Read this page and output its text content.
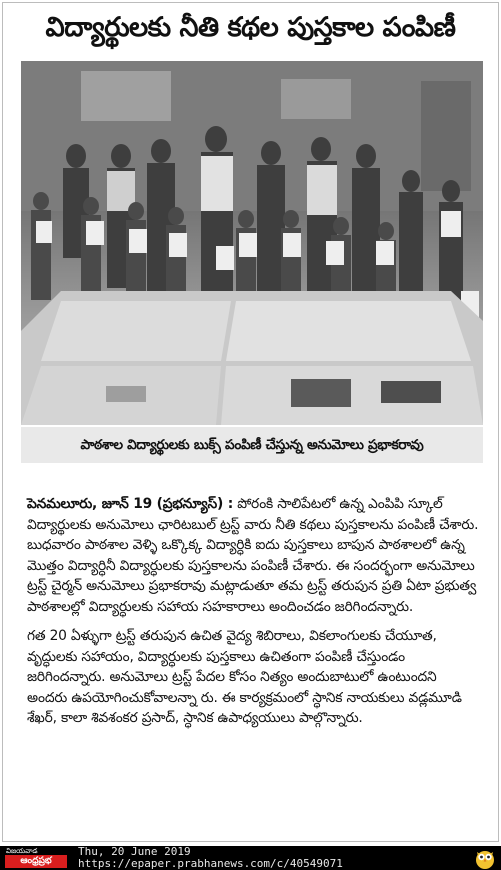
విద్యార్థులకు నీతి కథల పుస్తకాల పంపిణీ
పాఠశాల విద్యార్థులకు బుక్స్ పంపిణీ చేస్తున్న అనుమోలు ప్రభాకరావు

పెనమలూరు, జూన్ 19 (ప్రభన్యూస్) : పోరంకి సాలిపేటలో ఉన్న ఎంపిపి స్కూల్ విద్యార్థులకు అనుమోలు ఛారిటబుల్ ట్రస్ట్ వారు నీతి కథలు పుస్తకాలను పంపిణీ చేశారు. బుధవారం పాఠశాల వెళ్ళి ఒక్కొక్క విద్యార్ధికి ఐదు పుస్తకాలు బాపున పాఠశాలలో ఉన్న మొత్తం విద్యార్ధినీ విద్యార్ధులకు పుస్తకాలను పంపిణీ చేశారు. ఈ సందర్భంగా అనుమోలు ట్రస్ట్ చైర్మన్ అనుమోలు ప్రభాకరావు మట్లాడుతూ తమ ట్రస్ట్ తరుపున ప్రతి ఏటా ప్రభుత్వ పాఠశాలల్లో విద్యార్ధులకు సహాయ సహకారాలు అందించడం జరిగిందన్నారు.

గత 20 ఏళ్ళుగా ట్రస్ట్ తరుపున ఉచిత వైద్య శిబిరాలు, వికలాంగులకు చేయూత, వృద్ధులకు సహాయం, విద్యార్ధులకు పుస్తకాలు ఉచితంగా పంపిణీ చేస్తుండం జరిగిందన్నారు. అనుమోలు ట్రస్ట్ పేదల కోసం నిత్యం అందుబాటులో ఉంటుందని అందరు ఉపయోగించుకోవాలన్నా రు. ఈ కార్యక్రమంలో స్ధానిక నాయకులు వడ్లమూడి శేఖర్, కాలా శివశంకర ప్రసాద్, స్ధానిక ఉపాధ్యయులు పాల్గొన్నారు.

విజయవాడ
ఆంధ్రప్రభ
Thu, 20 June 2019
https://epaper.prabhanews.com/c/40549071
